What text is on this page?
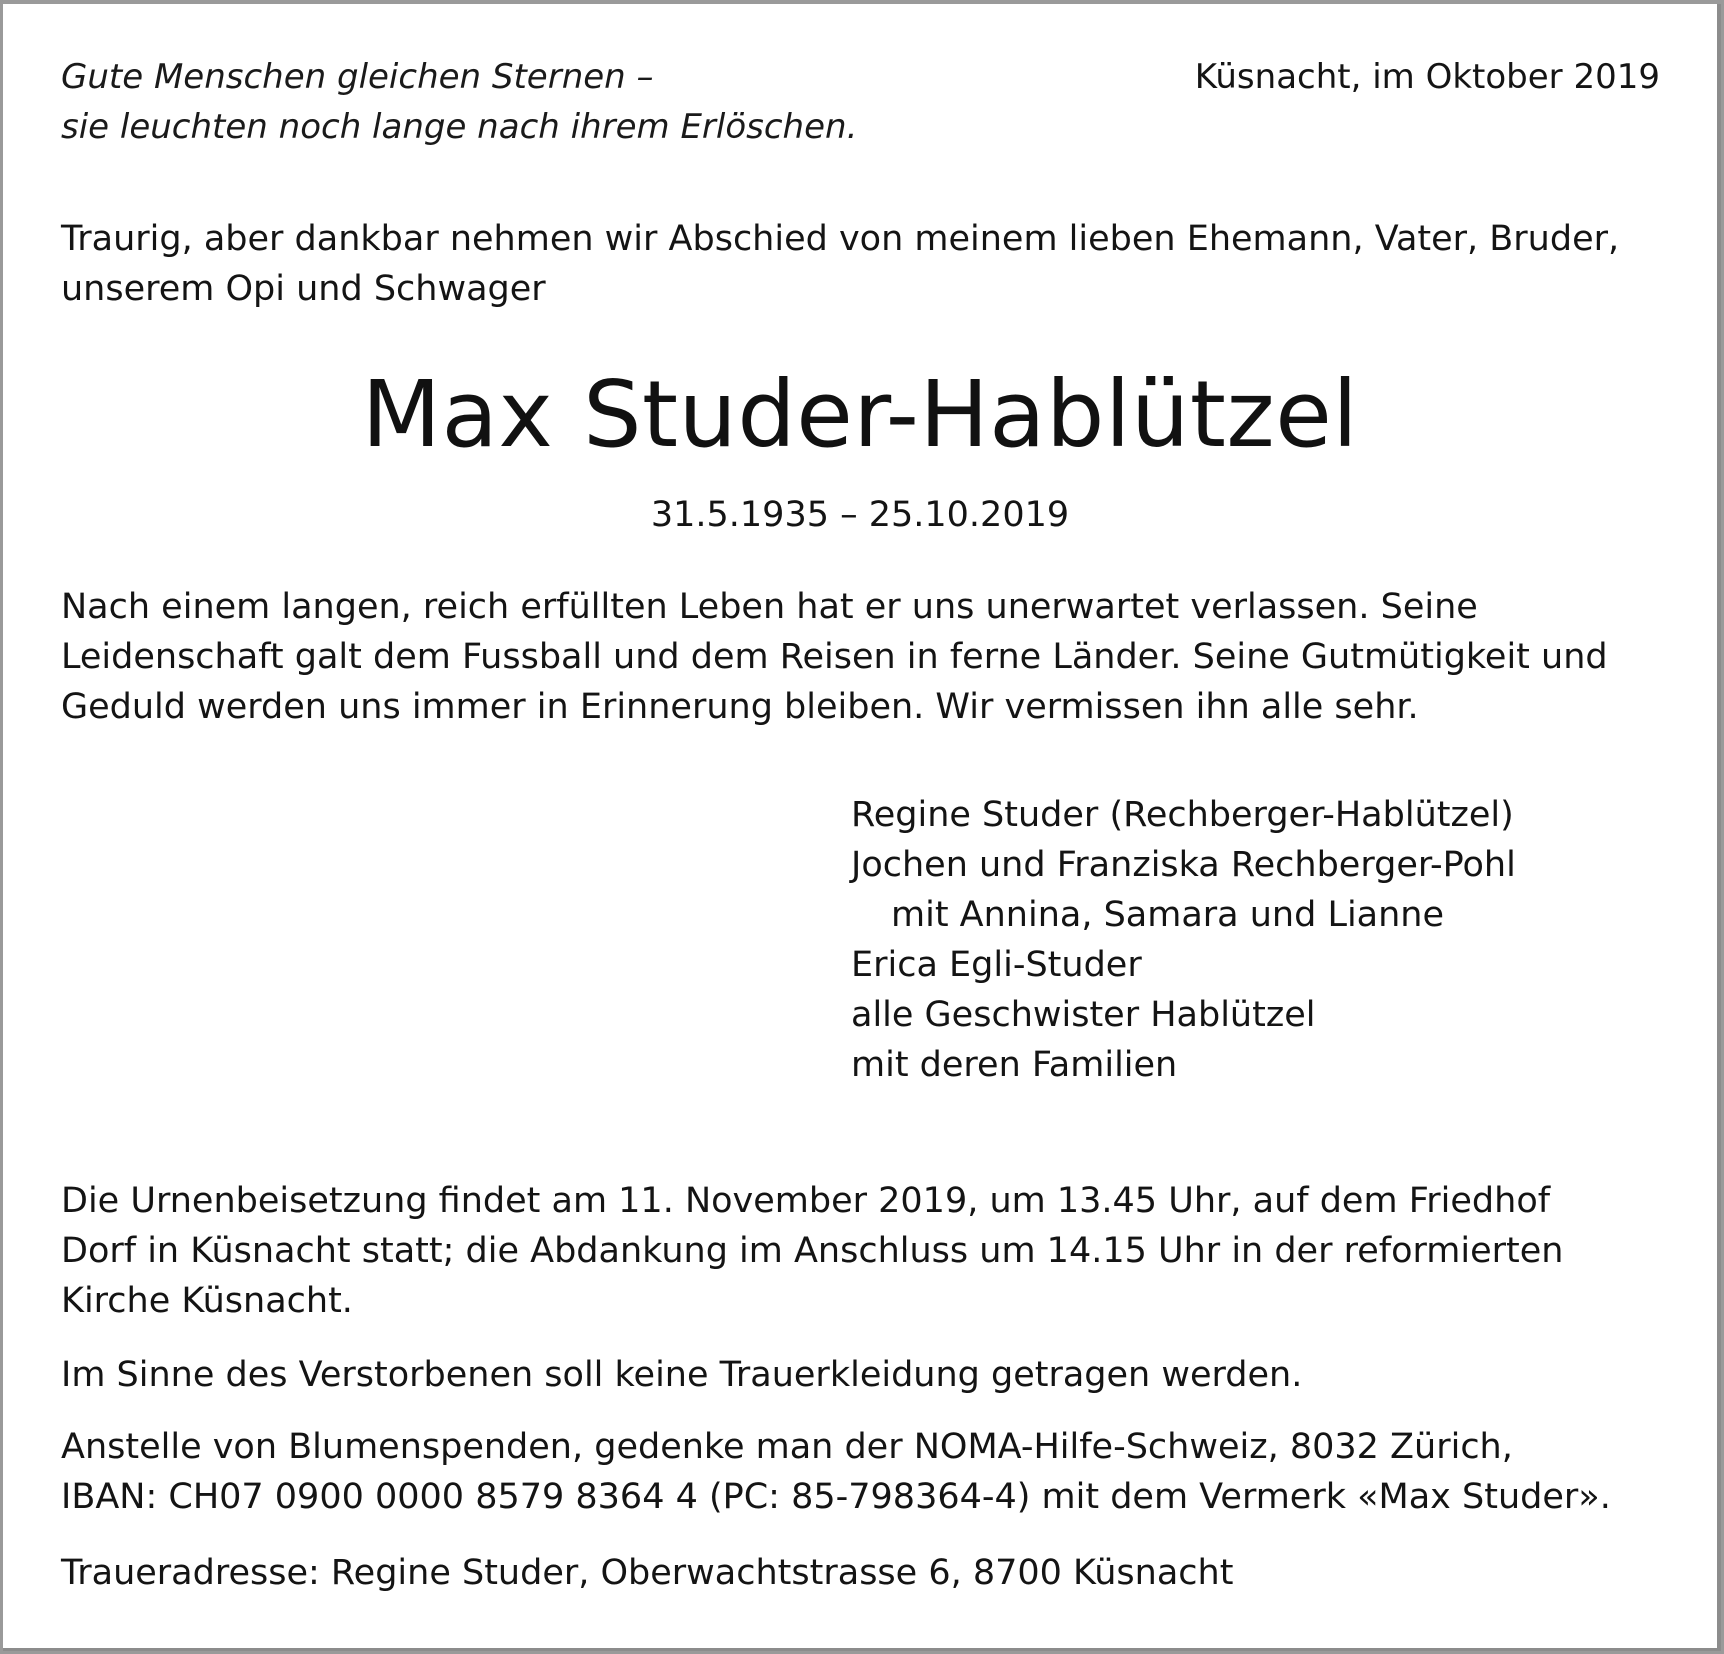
Gute Menschen gleichen Sternen –
sie leuchten noch lange nach ihrem Erlöschen.
Küsnacht, im Oktober 2019
Traurig, aber dankbar nehmen wir Abschied von meinem lieben Ehemann, Vater, Bruder,
unserem Opi und Schwager
Max Studer-Hablützel
31.5.1935 – 25.10.2019
Nach einem langen, reich erfüllten Leben hat er uns unerwartet verlassen. Seine
Leidenschaft galt dem Fussball und dem Reisen in ferne Länder. Seine Gutmütigkeit und
Geduld werden uns immer in Erinnerung bleiben. Wir vermissen ihn alle sehr.
Regine Studer (Rechberger-Hablützel)
Jochen und Franziska Rechberger-Pohl
mit Annina, Samara und Lianne
Erica Egli-Studer
alle Geschwister Hablützel
mit deren Familien
Die Urnenbeisetzung findet am 11. November 2019, um 13.45 Uhr, auf dem Friedhof
Dorf in Küsnacht statt; die Abdankung im Anschluss um 14.15 Uhr in der reformierten
Kirche Küsnacht.
Im Sinne des Verstorbenen soll keine Trauerkleidung getragen werden.
Anstelle von Blumenspenden, gedenke man der NOMA-Hilfe-Schweiz, 8032 Zürich,
IBAN: CH07 0900 0000 8579 8364 4 (PC: 85-798364-4) mit dem Vermerk «Max Studer».
Traueradresse: Regine Studer, Oberwachtstrasse 6, 8700 Küsnacht
